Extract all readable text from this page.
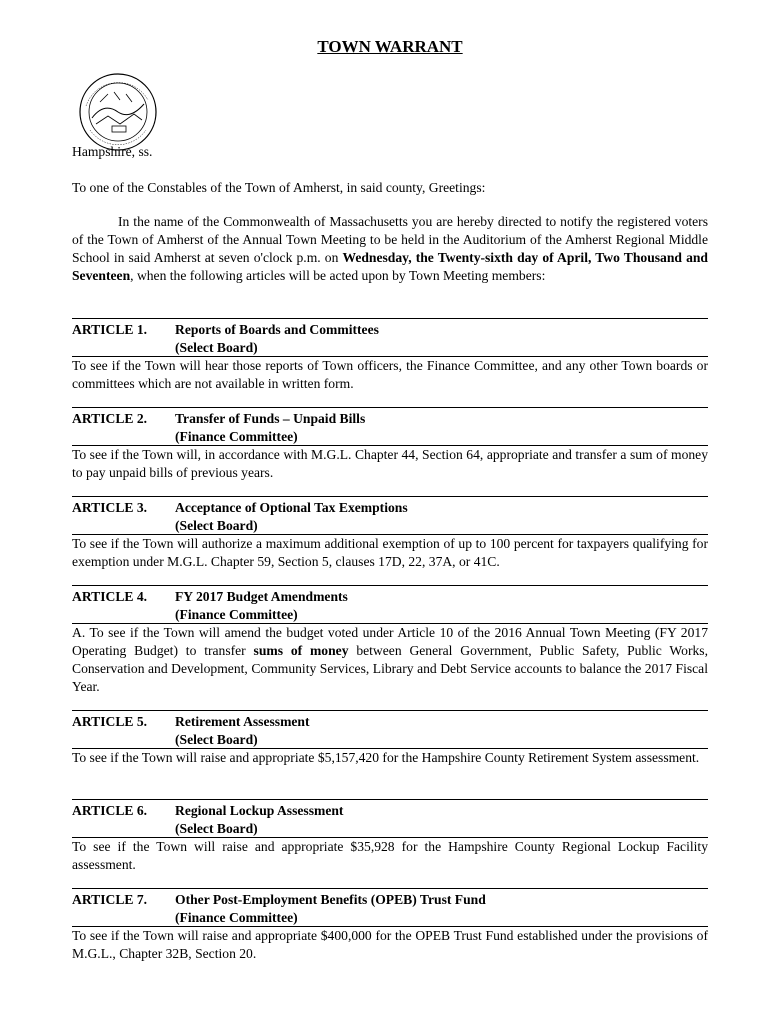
TOWN WARRANT
Hampshire, ss.
To one of the Constables of the Town of Amherst, in said county, Greetings:

In the name of the Commonwealth of Massachusetts you are hereby directed to notify the registered voters of the Town of Amherst of the Annual Town Meeting to be held in the Auditorium of the Amherst Regional Middle School in said Amherst at seven o'clock p.m. on Wednesday, the Twenty-sixth day of April, Two Thousand and Seventeen, when the following articles will be acted upon by Town Meeting members:

ARTICLE 1.	Reports of Boards and Committees
(Select Board)
To see if the Town will hear those reports of Town officers, the Finance Committee, and any other Town boards or committees which are not available in written form.
ARTICLE 2.	Transfer of Funds – Unpaid Bills
(Finance Committee)
To see if the Town will, in accordance with M.G.L. Chapter 44, Section 64, appropriate and transfer a sum of money to pay unpaid bills of previous years.
ARTICLE 3.	Acceptance of Optional Tax Exemptions
(Select Board)
To see if the Town will authorize a maximum additional exemption of up to 100 percent for taxpayers qualifying for exemption under M.G.L. Chapter 59, Section 5, clauses 17D, 22, 37A, or 41C.
ARTICLE 4.	FY 2017 Budget Amendments
(Finance Committee)
A. To see if the Town will amend the budget voted under Article 10 of the 2016 Annual Town Meeting (FY 2017 Operating Budget) to transfer sums of money between General Government, Public Safety, Public Works, Conservation and Development, Community Services, Library and Debt Service accounts to balance the 2017 Fiscal Year.
ARTICLE 5.	Retirement Assessment
(Select Board)
To see if the Town will raise and appropriate $5,157,420 for the Hampshire County Retirement System assessment.
ARTICLE 6.	Regional Lockup Assessment
(Select Board)
To see if the Town will raise and appropriate $35,928 for the Hampshire County Regional Lockup Facility assessment.
ARTICLE 7.	Other Post-Employment Benefits (OPEB) Trust Fund
(Finance Committee)
To see if the Town will raise and appropriate $400,000 for the OPEB Trust Fund established under the provisions of M.G.L., Chapter 32B, Section 20.
